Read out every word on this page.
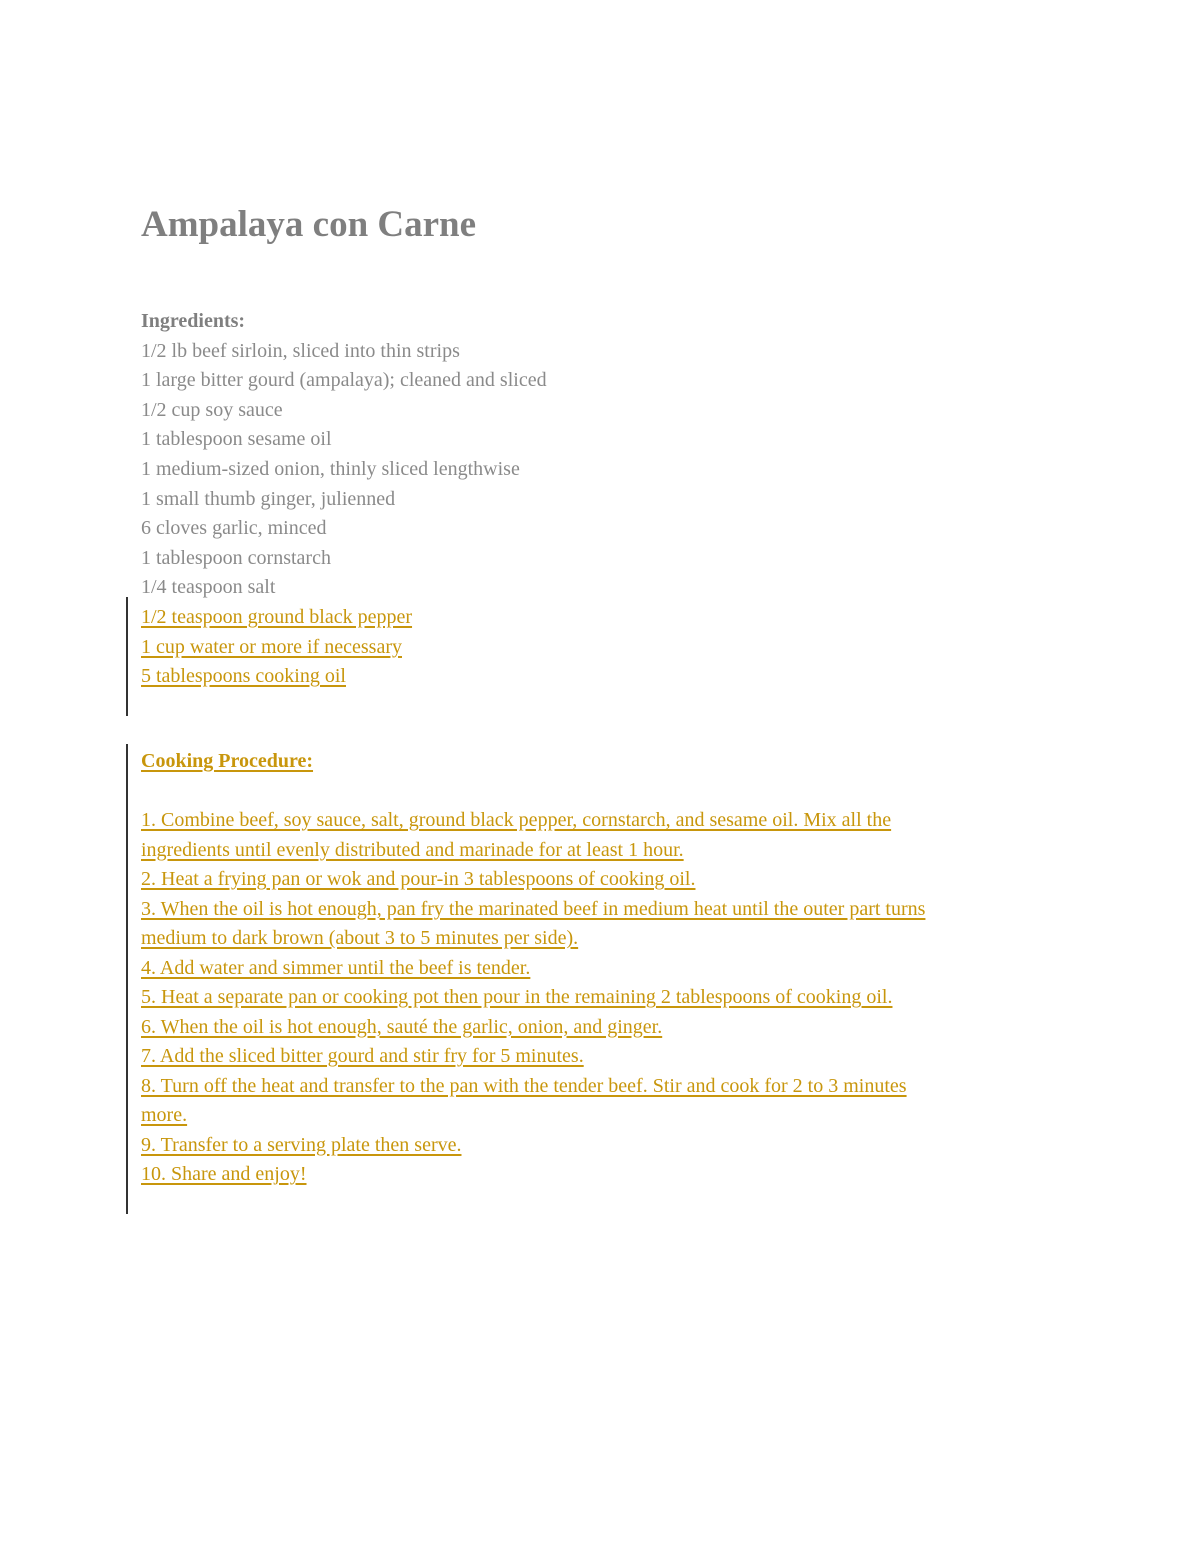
Ampalaya con Carne
Ingredients:
1/2 lb beef sirloin, sliced into thin strips
1 large bitter gourd (ampalaya); cleaned and sliced
1/2 cup soy sauce
1 tablespoon sesame oil
1 medium-sized onion, thinly sliced lengthwise
1 small thumb ginger, julienned
6 cloves garlic, minced
1 tablespoon cornstarch
1/4 teaspoon salt
1/2 teaspoon ground black pepper
1 cup water or more if necessary
5 tablespoons cooking oil
Cooking Procedure:
1. Combine beef, soy sauce, salt, ground black pepper, cornstarch, and sesame oil. Mix all the
ingredients until evenly distributed and marinade for at least 1 hour.
2. Heat a frying pan or wok and pour-in 3 tablespoons of cooking oil.
3. When the oil is hot enough, pan fry the marinated beef in medium heat until the outer part turns
medium to dark brown (about 3 to 5 minutes per side).
4. Add water and simmer until the beef is tender.
5. Heat a separate pan or cooking pot then pour in the remaining 2 tablespoons of cooking oil.
6. When the oil is hot enough, sauté the garlic, onion, and ginger.
7. Add the sliced bitter gourd and stir fry for 5 minutes.
8. Turn off the heat and transfer to the pan with the tender beef. Stir and cook for 2 to 3 minutes
more.
9. Transfer to a serving plate then serve.
10. Share and enjoy!
